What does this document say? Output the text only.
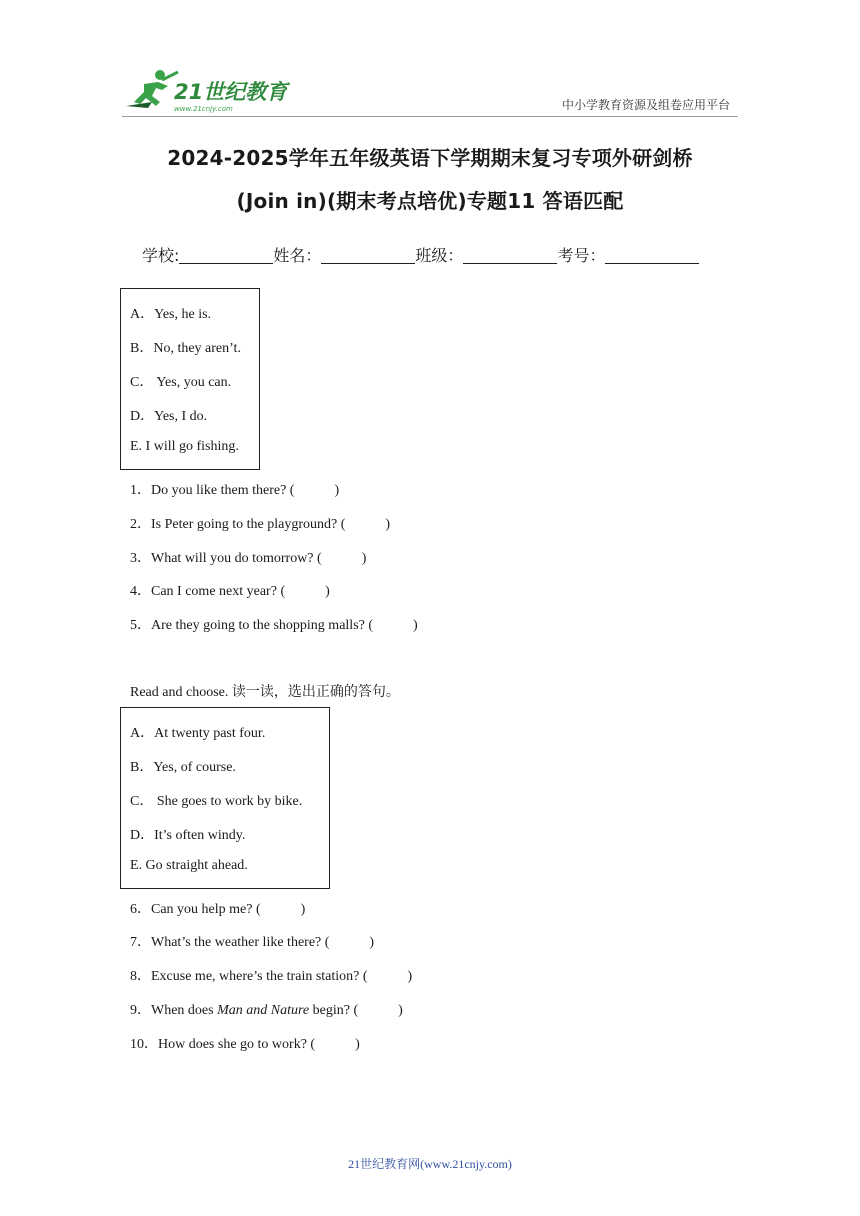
21世纪教育
www.21cnjy.com	中小学教育资源及组卷应用平台
2024-2025学年五年级英语下学期期末复习专项外研剑桥
(Join in)(期末考点培优)专题11 答语匹配
学校:	姓名：	班级：	考号：
A．Yes, he is.
B．No, they aren’t.
C． Yes, you can.
D．Yes, I do.
E. I will go fishing.
1．Do you like them there? (	)
2．Is Peter going to the playground? (	)
3．What will you do tomorrow? (	)
4．Can I come next year? (	)
5．Are they going to the shopping malls? (	)
Read and choose. 读一读，选出正确的答句。
A．At twenty past four.
B．Yes, of course.
C． She goes to work by bike.
D．It’s often windy.
E. Go straight ahead.
6．Can you help me? (	)
7．What’s the weather like there? (	)
8．Excuse me, where’s the train station? (	)
9．When does Man and Nature begin? (	)
10．How does she go to work? (	)
21世纪教育网(www.21cnjy.com)
